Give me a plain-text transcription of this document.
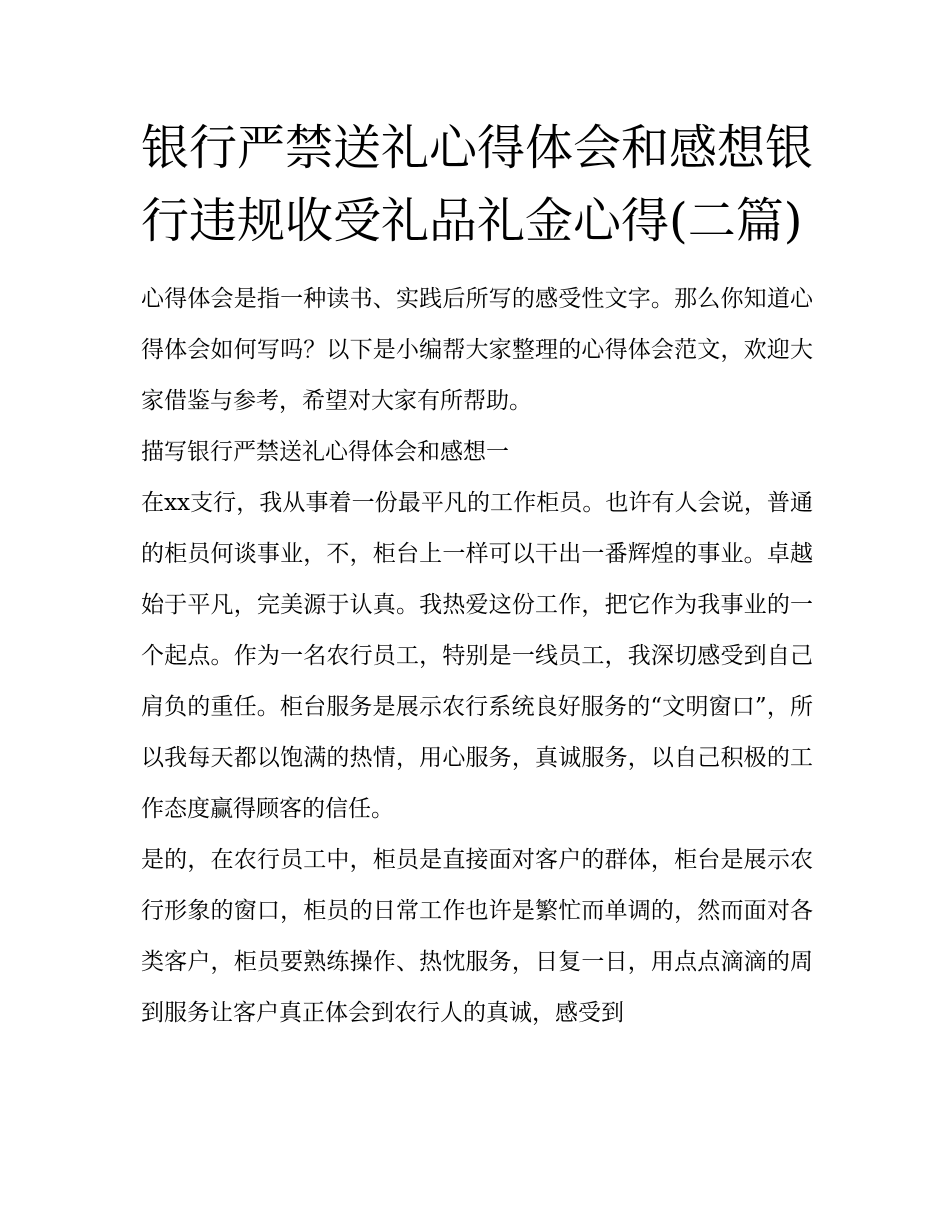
银行严禁送礼心得体会和感想银行违规收受礼品礼金心得(二篇)

心得体会是指一种读书、实践后所写的感受性文字。那么你知道心得体会如何写吗？以下是小编帮大家整理的心得体会范文，欢迎大家借鉴与参考，希望对大家有所帮助。

描写银行严禁送礼心得体会和感想一

在xx支行，我从事着一份最平凡的工作柜员。也许有人会说，普通的柜员何谈事业，不，柜台上一样可以干出一番辉煌的事业。卓越始于平凡，完美源于认真。我热爱这份工作，把它作为我事业的一个起点。作为一名农行员工，特别是一线员工，我深切感受到自己肩负的重任。柜台服务是展示农行系统良好服务的“文明窗口”，所以我每天都以饱满的热情，用心服务，真诚服务，以自己积极的工作态度赢得顾客的信任。

是的，在农行员工中，柜员是直接面对客户的群体，柜台是展示农行形象的窗口，柜员的日常工作也许是繁忙而单调的，然而面对各类客户，柜员要熟练操作、热忱服务，日复一日，用点点滴滴的周到服务让客户真正体会到农行人的真诚，感受到
